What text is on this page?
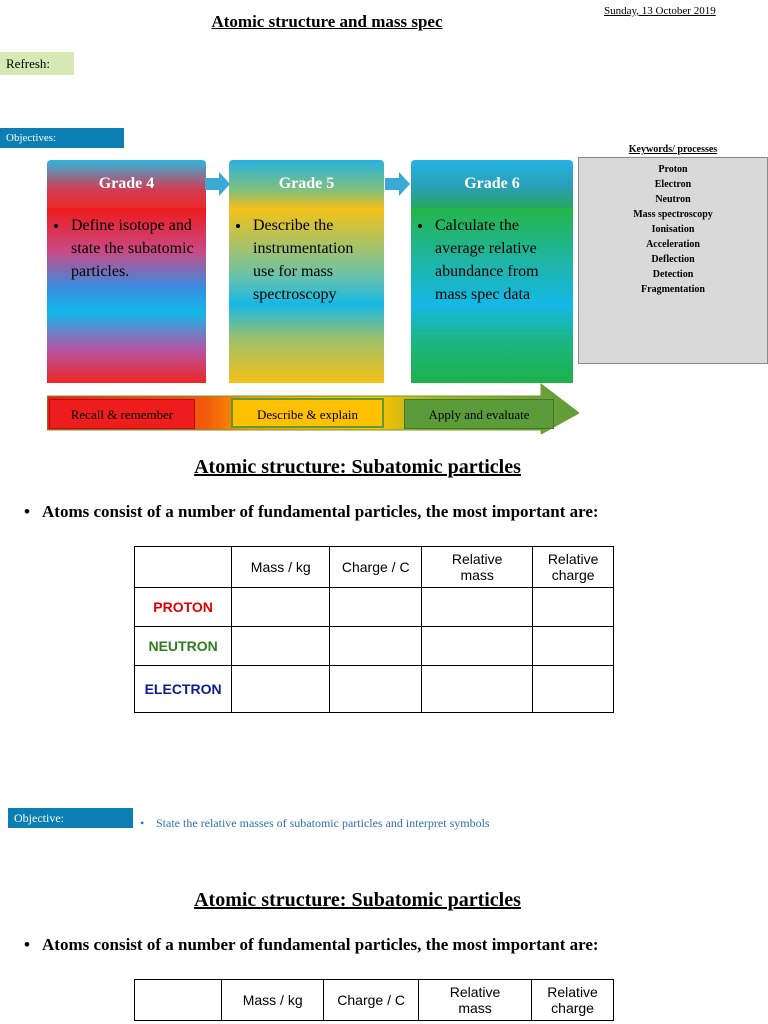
Atomic structure and mass spec
Sunday, 13 October 2019
Refresh:
Objectives:
Grade 4
• Define isotope and state the subatomic particles.
Grade 5
• Describe the instrumentation use for mass spectroscopy
Grade 6
• Calculate the average relative abundance from mass spec data
Recall & remember	Describe & explain	Apply and evaluate
Keywords/ processes
Proton
Electron
Neutron
Mass spectroscopy
Ionisation
Acceleration
Deflection
Detection
Fragmentation
Atomic structure: Subatomic particles
• Atoms consist of a number of fundamental particles, the most important are:
	Mass / kg	Charge / C	Relative mass	Relative charge
PROTON				
NEUTRON				
ELECTRON				
Objective:	• State the relative masses of subatomic particles and interpret symbols
Atomic structure: Subatomic particles
• Atoms consist of a number of fundamental particles, the most important are:
	Mass / kg	Charge / C	Relative mass	Relative charge
